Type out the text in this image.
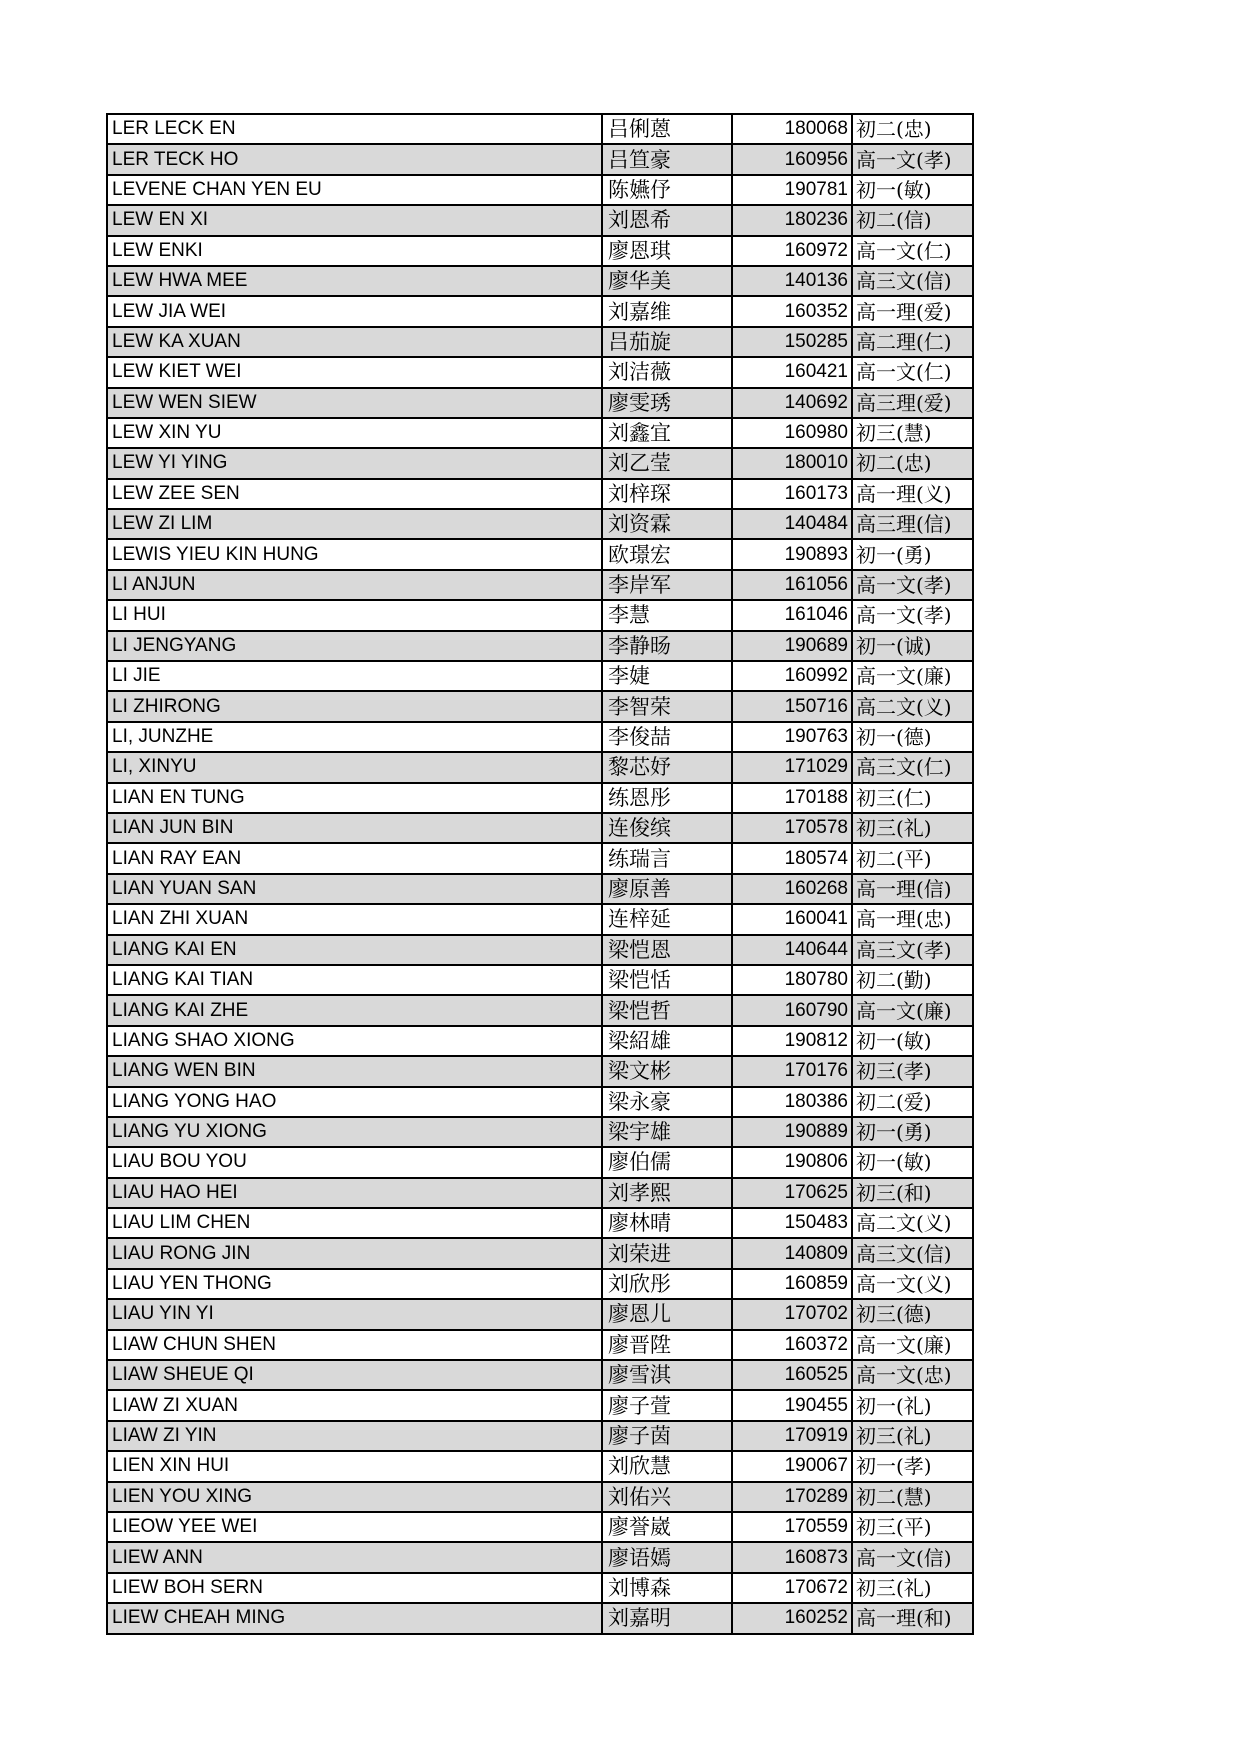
LER LECK EN	吕俐蒽	180068	初二(忠)
LER TECK HO	吕笪豪	160956	高一文(孝)
LEVENE CHAN YEN EU	陈嬿伃	190781	初一(敏)
LEW EN XI	刘恩希	180236	初二(信)
LEW ENKI	廖恩琪	160972	高一文(仁)
LEW HWA MEE	廖华美	140136	高三文(信)
LEW JIA WEI	刘嘉维	160352	高一理(爱)
LEW KA XUAN	吕茄旋	150285	高二理(仁)
LEW KIET WEI	刘洁薇	160421	高一文(仁)
LEW WEN SIEW	廖雯琇	140692	高三理(爱)
LEW XIN YU	刘鑫宜	160980	初三(慧)
LEW YI YING	刘乙莹	180010	初二(忠)
LEW ZEE SEN	刘梓琛	160173	高一理(义)
LEW ZI LIM	刘资霖	140484	高三理(信)
LEWIS YIEU KIN HUNG	欧璟宏	190893	初一(勇)
LI ANJUN	李岸军	161056	高一文(孝)
LI HUI	李慧	161046	高一文(孝)
LI JENGYANG	李静旸	190689	初一(诚)
LI JIE	李婕	160992	高一文(廉)
LI ZHIRONG	李智荣	150716	高二文(义)
LI, JUNZHE	李俊喆	190763	初一(德)
LI, XINYU	黎芯妤	171029	高三文(仁)
LIAN EN TUNG	练恩彤	170188	初三(仁)
LIAN JUN BIN	连俊缤	170578	初三(礼)
LIAN RAY EAN	练瑞言	180574	初二(平)
LIAN YUAN SAN	廖原善	160268	高一理(信)
LIAN ZHI XUAN	连梓延	160041	高一理(忠)
LIANG KAI EN	梁恺恩	140644	高三文(孝)
LIANG KAI TIAN	梁恺恬	180780	初二(勤)
LIANG KAI ZHE	梁恺哲	160790	高一文(廉)
LIANG SHAO XIONG	梁紹雄	190812	初一(敏)
LIANG WEN BIN	梁文彬	170176	初三(孝)
LIANG YONG HAO	梁永豪	180386	初二(爱)
LIANG YU XIONG	梁宇雄	190889	初一(勇)
LIAU BOU YOU	廖伯儒	190806	初一(敏)
LIAU HAO HEI	刘孝熙	170625	初三(和)
LIAU LIM CHEN	廖林晴	150483	高二文(义)
LIAU RONG JIN	刘荣进	140809	高三文(信)
LIAU YEN THONG	刘欣彤	160859	高一文(义)
LIAU YIN YI	廖恩儿	170702	初三(德)
LIAW CHUN SHEN	廖晋陞	160372	高一文(廉)
LIAW SHEUE QI	廖雪淇	160525	高一文(忠)
LIAW ZI XUAN	廖子萱	190455	初一(礼)
LIAW ZI YIN	廖子茵	170919	初三(礼)
LIEN XIN HUI	刘欣慧	190067	初一(孝)
LIEN YOU XING	刘佑兴	170289	初二(慧)
LIEOW YEE WEI	廖誉崴	170559	初三(平)
LIEW ANN	廖语嫣	160873	高一文(信)
LIEW BOH SERN	刘博森	170672	初三(礼)
LIEW CHEAH MING	刘嘉明	160252	高一理(和)
